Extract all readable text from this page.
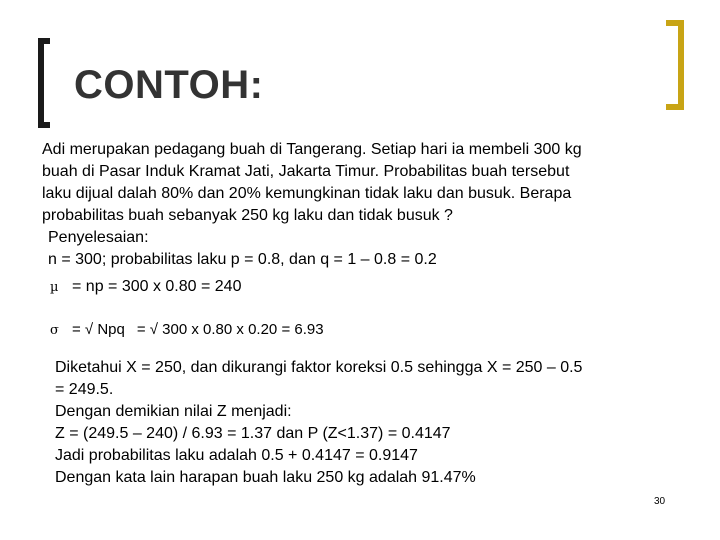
CONTOH:
Adi merupakan pedagang buah di Tangerang. Setiap hari ia membeli 300 kg
buah di Pasar Induk Kramat Jati, Jakarta Timur. Probabilitas buah tersebut
laku dijual dalah 80% dan 20% kemungkinan tidak laku dan busuk. Berapa
probabilitas buah sebanyak 250 kg laku dan tidak busuk ?
Penyelesaian:
n = 300; probabilitas laku p = 0.8, dan q = 1 – 0.8 = 0.2
µ = np = 300 x 0.80 = 240
σ = √ Npq = √ 300 x 0.80 x 0.20 = 6.93
Diketahui X = 250, dan dikurangi faktor koreksi 0.5 sehingga X = 250 – 0.5
= 249.5.
Dengan demikian nilai Z menjadi:
Z = (249.5 – 240) / 6.93 = 1.37 dan P (Z<1.37) = 0.4147
Jadi probabilitas laku adalah 0.5 + 0.4147 = 0.9147
Dengan kata lain harapan buah laku 250 kg adalah 91.47%
30
